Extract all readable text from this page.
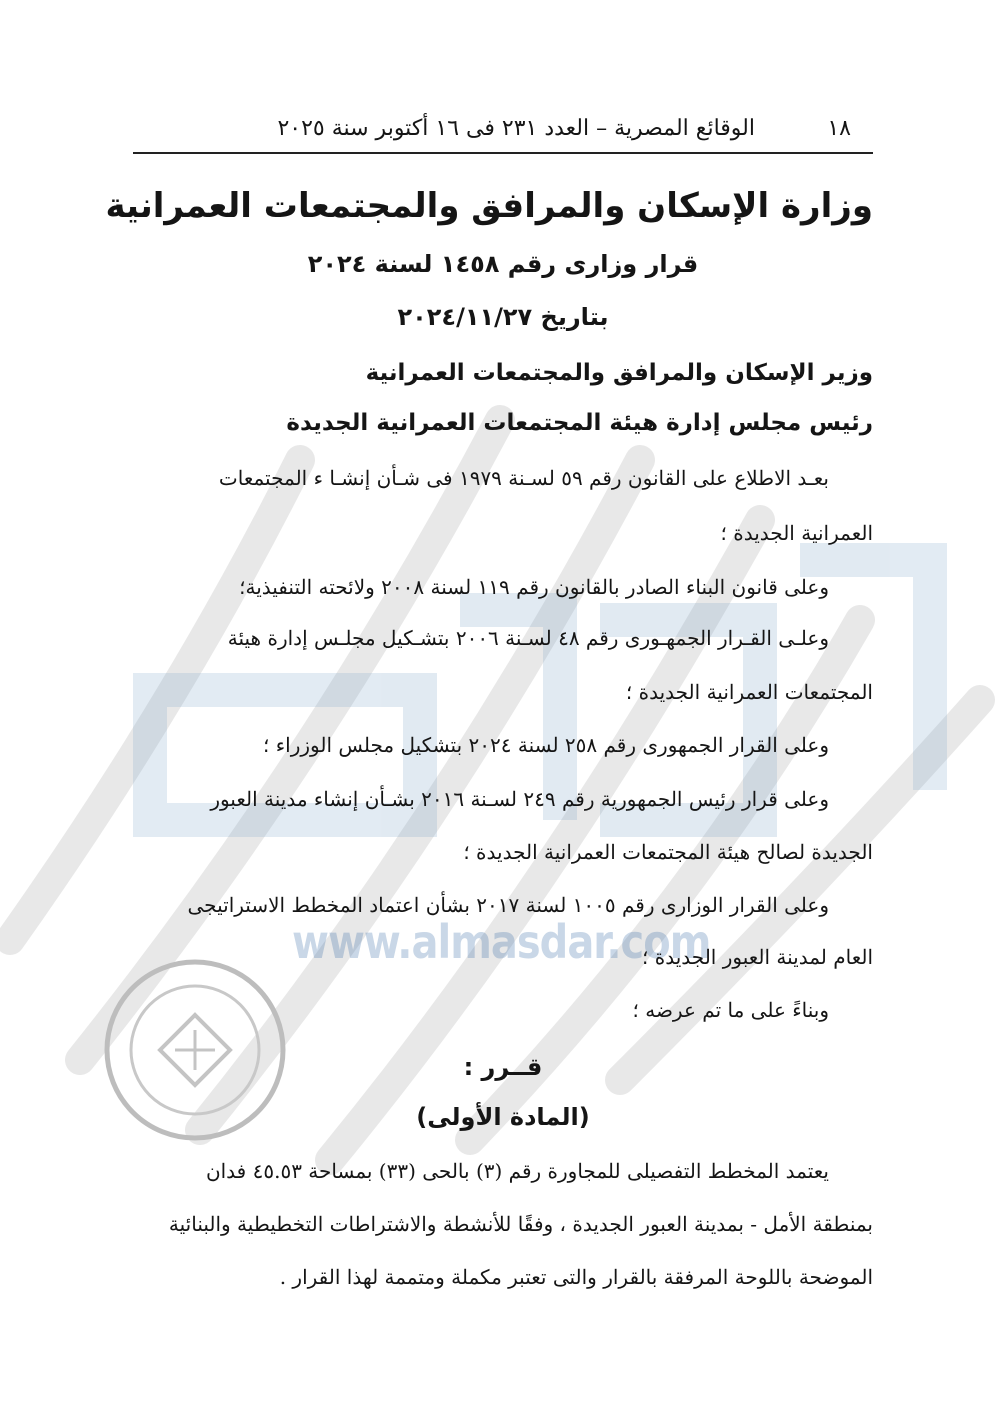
www.almasdar.com
١٨
الوقائع المصرية – العدد ٢٣١ فى ١٦ أكتوبر سنة ٢٠٢٥
وزارة الإسكان والمرافق والمجتمعات العمرانية
قرار وزارى رقم ١٤٥٨ لسنة ٢٠٢٤
بتاريخ ٢٠٢٤/١١/٢٧
وزير الإسكان والمرافق والمجتمعات العمرانية
رئيس مجلس إدارة هيئة المجتمعات العمرانية الجديدة
بعـد الاطلاع على القانون رقم ٥٩ لسـنة ١٩٧٩ فى شـأن إنشـا ء المجتمعات
العمرانية الجديدة ؛
وعلى قانون البناء الصادر بالقانون رقم ١١٩ لسنة ٢٠٠٨ ولائحته التنفيذية؛
وعلـى القـرار الجمهـورى رقم ٤٨ لسـنة ٢٠٠٦ بتشـكيل مجلـس إدارة هيئة
المجتمعات العمرانية الجديدة ؛
وعلى القرار الجمهورى رقم ٢٥٨ لسنة ٢٠٢٤ بتشكيل مجلس الوزراء ؛
وعلى قرار رئيس الجمهورية رقم ٢٤٩ لسـنة ٢٠١٦ بشـأن إنشاء مدينة العبور
الجديدة لصالح هيئة المجتمعات العمرانية الجديدة ؛
وعلى القرار الوزارى رقم ١٠٠٥ لسنة ٢٠١٧ بشأن اعتماد المخطط الاستراتيجى
العام لمدينة العبور الجديدة ؛
وبناءً على ما تم عرضه ؛
قــرر :
(المادة الأولى)
يعتمد المخطط التفصيلى للمجاورة رقم (٣) بالحى (٣٣) بمساحة ٤٥.٥٣ فدان
بمنطقة الأمل - بمدينة العبور الجديدة ، وفقًا للأنشطة والاشتراطات التخطيطية والبنائية
الموضحة باللوحة المرفقة بالقرار والتى تعتبر مكملة ومتممة لهذا القرار .
